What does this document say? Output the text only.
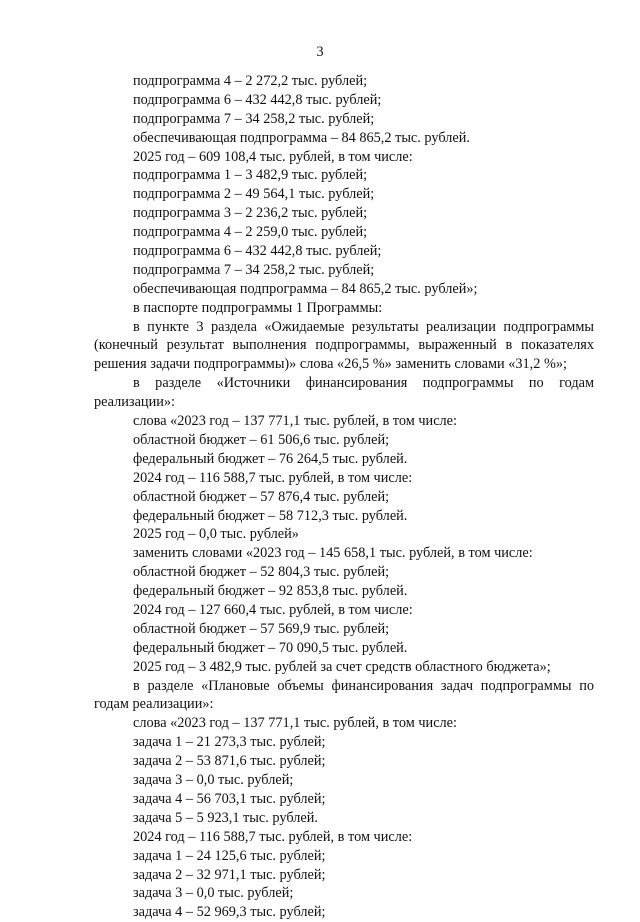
3
подпрограмма 4 – 2 272,2 тыс. рублей;
подпрограмма 6 – 432 442,8 тыс. рублей;
подпрограмма 7 – 34 258,2 тыс. рублей;
обеспечивающая подпрограмма – 84 865,2 тыс. рублей.
2025 год – 609 108,4 тыс. рублей, в том числе:
подпрограмма 1 – 3 482,9 тыс. рублей;
подпрограмма 2 – 49 564,1 тыс. рублей;
подпрограмма 3 – 2 236,2 тыс. рублей;
подпрограмма 4 – 2 259,0 тыс. рублей;
подпрограмма 6 – 432 442,8 тыс. рублей;
подпрограмма 7 – 34 258,2 тыс. рублей;
обеспечивающая подпрограмма – 84 865,2 тыс. рублей»;
в паспорте подпрограммы 1 Программы:

в пункте 3 раздела «Ожидаемые результаты реализации подпрограммы (конечный результат выполнения подпрограммы, выраженный в показателях решения задачи подпрограммы)» слова «26,5 %» заменить словами «31,2 %»;

в разделе «Источники финансирования подпрограммы по годам реализации»:

слова «2023 год – 137 771,1 тыс. рублей, в том числе:
областной бюджет – 61 506,6 тыс. рублей;
федеральный бюджет – 76 264,5 тыс. рублей.
2024 год – 116 588,7 тыс. рублей, в том числе:
областной бюджет – 57 876,4 тыс. рублей;
федеральный бюджет – 58 712,3 тыс. рублей.
2025 год – 0,0 тыс. рублей»
заменить словами «2023 год – 145 658,1 тыс. рублей, в том числе:
областной бюджет – 52 804,3 тыс. рублей;
федеральный бюджет – 92 853,8 тыс. рублей.
2024 год – 127 660,4 тыс. рублей, в том числе:
областной бюджет – 57 569,9 тыс. рублей;
федеральный бюджет – 70 090,5 тыс. рублей.
2025 год – 3 482,9 тыс. рублей за счет средств областного бюджета»;

в разделе «Плановые объемы финансирования задач подпрограммы по годам реализации»:

слова «2023 год – 137 771,1 тыс. рублей, в том числе:
задача 1 – 21 273,3 тыс. рублей;
задача 2 – 53 871,6 тыс. рублей;
задача 3 – 0,0 тыс. рублей;
задача 4 – 56 703,1 тыс. рублей;
задача 5 – 5 923,1 тыс. рублей.
2024 год – 116 588,7 тыс. рублей, в том числе:
задача 1 – 24 125,6 тыс. рублей;
задача 2 – 32 971,1 тыс. рублей;
задача 3 – 0,0 тыс. рублей;
задача 4 – 52 969,3 тыс. рублей;
